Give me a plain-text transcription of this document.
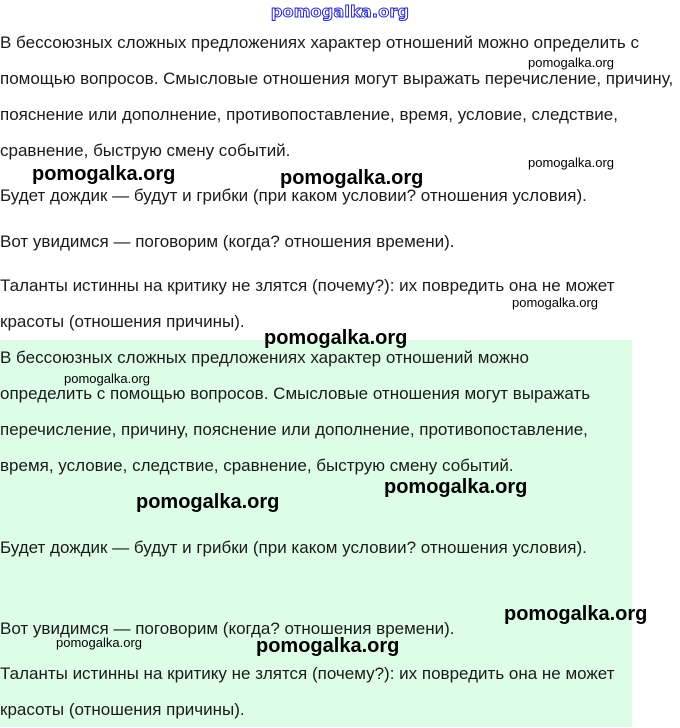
pomogalka.org

В бессоюзных сложных предложениях характер отношений можно определить с помощью вопросов. Смысловые отношения могут выражать перечисление, причину, пояснение или дополнение, противопоставление, время, условие, следствие, сравнение, быструю смену событий.

Будет дождик — будут и грибки (при каком условии? отношения условия).

Вот увидимся — поговорим (когда? отношения времени).

Таланты истинны на критику не злятся (почему?): их повредить она не может красоты (отношения причины).

В бессоюзных сложных предложениях характер отношений можно определить с помощью вопросов. Смысловые отношения могут выражать перечисление, причину, пояснение или дополнение, противопоставление, время, условие, следствие, сравнение, быструю смену событий.

Будет дождик — будут и грибки (при каком условии? отношения условия).

Вот увидимся — поговорим (когда? отношения времени).

Таланты истинны на критику не злятся (почему?): их повредить она не может красоты (отношения причины).

pomogalka.org
pomogalka.org
pomogalka.org	pomogalka.org
pomogalka.org
pomogalka.org
pomogalka.org
pomogalka.org
pomogalka.org
pomogalka.org
pomogalka.org	pomogalka.org
